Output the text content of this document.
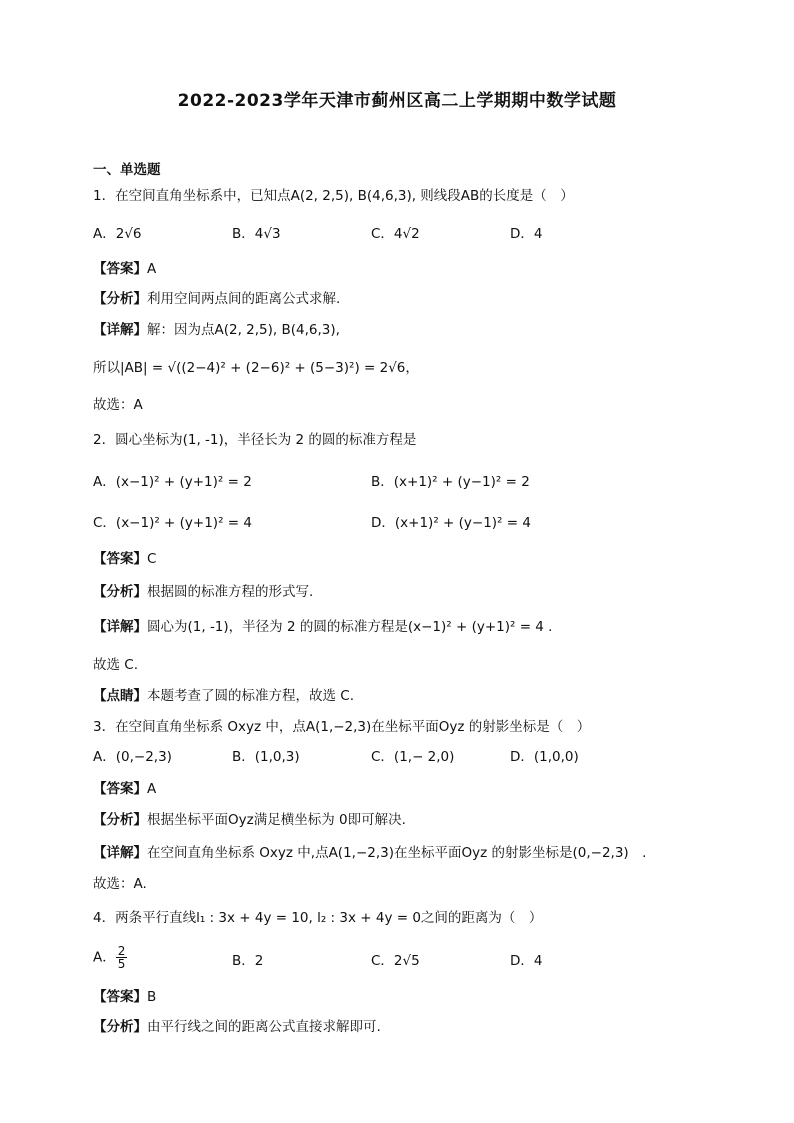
2022-2023学年天津市蓟州区高二上学期期中数学试题
一、单选题
1．在空间直角坐标系中，已知点A(2, 2,5), B(4,6,3), 则线段AB的长度是（　）
A．2√6	B．4√3	C．4√2	D．4
【答案】A
【分析】利用空间两点间的距离公式求解.
【详解】解：因为点A(2, 2,5), B(4,6,3),
所以|AB| = √((2−4)² + (2−6)² + (5−3)²) = 2√6，
故选：A
2．圆心坐标为(1, -1)，半径长为 2 的圆的标准方程是
A．(x−1)² + (y+1)² = 2	B．(x+1)² + (y−1)² = 2
C．(x−1)² + (y+1)² = 4	D．(x+1)² + (y−1)² = 4
【答案】C
【分析】根据圆的标准方程的形式写.
【详解】圆心为(1, -1)，半径为 2 的圆的标准方程是(x−1)² + (y+1)² = 4 .
故选 C.
【点睛】本题考查了圆的标准方程，故选 C.
3．在空间直角坐标系 Oxyz 中，点A(1,−2,3)在坐标平面Oyz 的射影坐标是（　）
A．(0,−2,3)	B．(1,0,3)	C．(1,− 2,0)	D．(1,0,0)
【答案】A
【分析】根据坐标平面Oyz满足横坐标为 0即可解决.
【详解】在空间直角坐标系 Oxyz 中,点A(1,−2,3)在坐标平面Oyz 的射影坐标是(0,−2,3)　.
故选：A.
4．两条平行直线l₁ : 3x + 4y = 10, l₂ : 3x + 4y = 0之间的距离为（　）
A． $\frac{2}{5}$	B．2	C．2√5	D．4
【答案】B
【分析】由平行线之间的距离公式直接求解即可.
